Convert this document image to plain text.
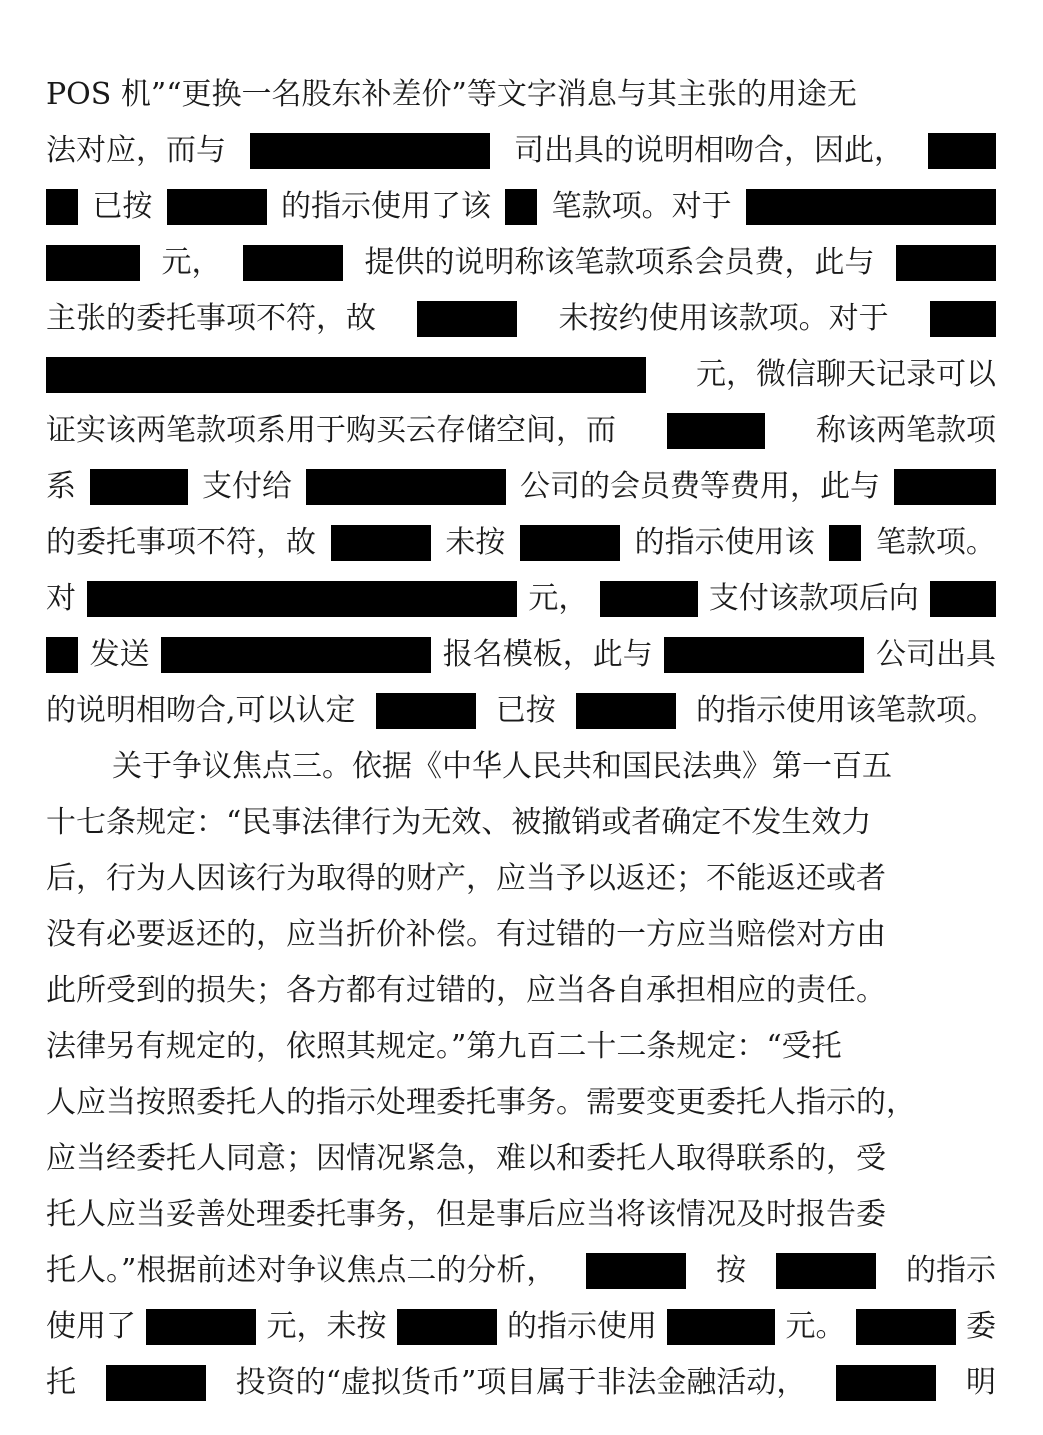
POS 机”“更换一名股东补差价”等文字消息与其主张的用途无
法对应，而与	司出具的说明相吻合，因此，
已按	的指示使用了该 笔款项。对于
元，	提供的说明称该笔款项系会员费，此与
主张的委托事项不符，故	未按约使用该款项。对于
元，微信聊天记录可以
证实该两笔款项系用于购买云存储空间，而	称该两笔款项
系	支付给	公司的会员费等费用，此与
的委托事项不符，故	未按	的指示使用该 笔款项。
对	元，	支付该款项后向
发送	报名模板，此与	公司出具
的说明相吻合,可以认定	已按	的指示使用该笔款项。
关于争议焦点三。依据《中华人民共和国民法典》第一百五
十七条规定：“民事法律行为无效、被撤销或者确定不发生效力
后，行为人因该行为取得的财产，应当予以返还；不能返还或者
没有必要返还的，应当折价补偿。有过错的一方应当赔偿对方由
此所受到的损失；各方都有过错的，应当各自承担相应的责任。
法律另有规定的，依照其规定。”第九百二十二条规定：“受托
人应当按照委托人的指示处理委托事务。需要变更委托人指示的，
应当经委托人同意；因情况紧急，难以和委托人取得联系的，受
托人应当妥善处理委托事务，但是事后应当将该情况及时报告委
托人。”根据前述对争议焦点二的分析，	按	的指示
使用了	元，未按	的指示使用	元。	委
托	投资的“虚拟货币”项目属于非法金融活动，	明
